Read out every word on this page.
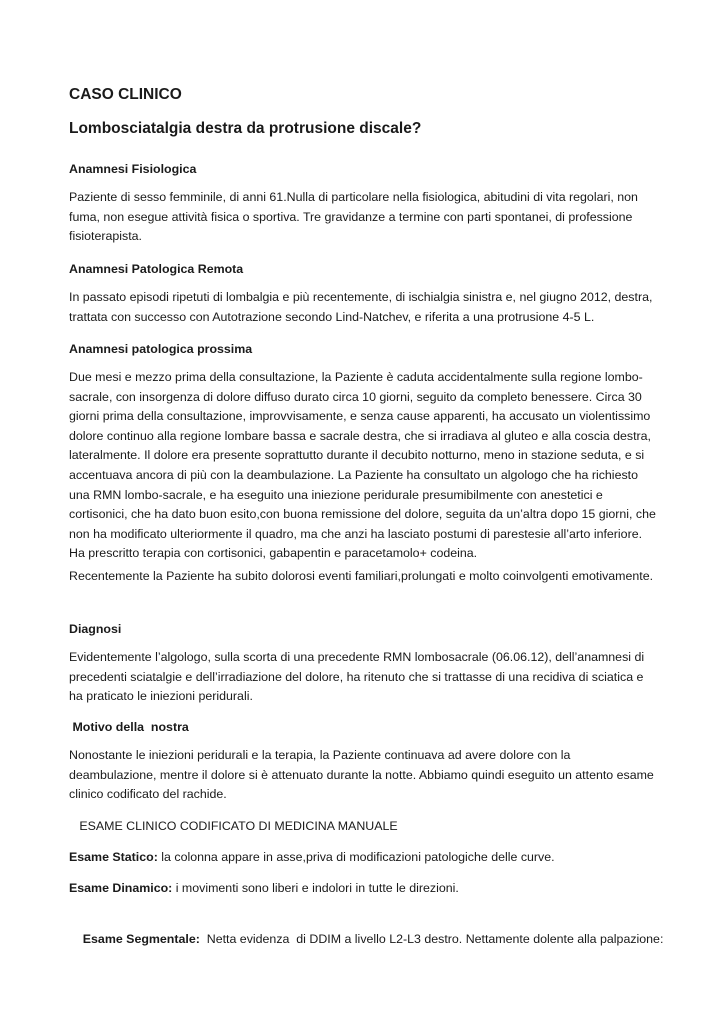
CASO CLINICO
Lombosciatalgia destra da protrusione discale?
Anamnesi Fisiologica
Paziente di sesso femminile, di anni 61.Nulla di particolare nella fisiologica, abitudini di vita regolari, non fuma, non esegue attività fisica o sportiva. Tre gravidanze a termine con parti spontanei, di professione fisioterapista.
Anamnesi Patologica Remota
In passato episodi ripetuti di lombalgia e più recentemente, di ischialgia sinistra e, nel giugno 2012, destra, trattata con successo con Autotrazione secondo Lind-Natchev, e riferita a una protrusione 4-5 L.
Anamnesi patologica prossima
Due mesi e mezzo prima della consultazione, la Paziente è caduta accidentalmente sulla regione lombo-sacrale, con insorgenza di dolore diffuso durato circa 10 giorni, seguito da completo benessere. Circa 30 giorni prima della consultazione, improvvisamente, e senza cause apparenti, ha accusato un violentissimo dolore continuo alla regione lombare bassa e sacrale destra, che si irradiava al gluteo e alla coscia destra, lateralmente. Il dolore era presente soprattutto durante il decubito notturno, meno in stazione seduta, e si accentuava ancora di più con la deambulazione. La Paziente ha consultato un algologo che ha richiesto una RMN lombo-sacrale, e ha eseguito una iniezione peridurale presumibilmente con anestetici e cortisonici, che ha dato buon esito,con buona remissione del dolore, seguita da un’altra dopo 15 giorni, che non ha modificato ulteriormente il quadro, ma che anzi ha lasciato postumi di parestesie all’arto inferiore. Ha prescritto terapia con cortisonici, gabapentin e paracetamolo+ codeina.
Recentemente la Paziente ha subito dolorosi eventi familiari,prolungati e molto coinvolgenti emotivamente.
Diagnosi
Evidentemente l’algologo, sulla scorta di una precedente RMN lombosacrale (06.06.12), dell’anamnesi di precedenti sciatalgie e dell’irradiazione del dolore, ha ritenuto che si trattasse di una recidiva di sciatica e ha praticato le iniezioni peridurali.
Motivo della  nostra
Nonostante le iniezioni peridurali e la terapia, la Paziente continuava ad avere dolore con la deambulazione, mentre il dolore si è attenuato durante la notte. Abbiamo quindi eseguito un attento esame clinico codificato del rachide.
ESAME CLINICO CODIFICATO DI MEDICINA MANUALE
Esame Statico: la colonna appare in asse,priva di modificazioni patologiche delle curve.
Esame Dinamico: i movimenti sono liberi e indolori in tutte le direzioni.

Esame Segmentale:  Netta evidenza  di DDIM a livello L2-L3 destro. Nettamente dolente alla palpazione:
